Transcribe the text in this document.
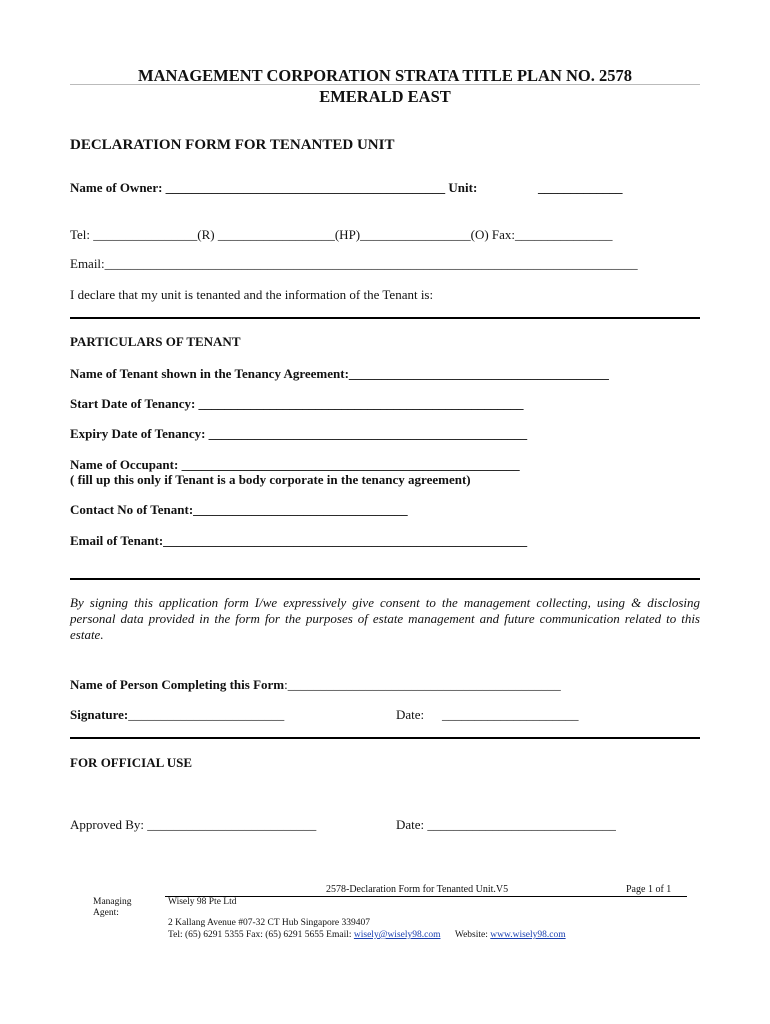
MANAGEMENT CORPORATION STRATA TITLE PLAN NO. 2578
EMERALD EAST
DECLARATION FORM FOR TENANTED UNIT
Name of Owner: ___________________________________________ Unit:	_____________
Tel: ________________(R) __________________(HP)_________________(O) Fax:_______________
Email:__________________________________________________________________________________
I declare that my unit is tenanted and the information of the Tenant is:
PARTICULARS OF TENANT
Name of Tenant shown in the Tenancy Agreement:________________________________________
Start Date of Tenancy: __________________________________________________
Expiry Date of Tenancy: _________________________________________________
Name of Occupant: ____________________________________________________
( fill up this only if Tenant is a body corporate in the tenancy agreement)
Contact No of Tenant:_________________________________
Email of Tenant:________________________________________________________
By signing this application form I/we expressively give consent to the management collecting, using & disclosing personal data provided in the form for the purposes of estate management and future communication related to this estate.
Name of Person Completing this Form:__________________________________________
Signature:________________________	Date: _____________________
FOR OFFICIAL USE
Approved By: __________________________	Date: _____________________________
2578-Declaration Form for Tenanted Unit.V5	Page 1 of 1
Managing
Agent:
Wisely 98 Pte Ltd
2 Kallang Avenue #07-32 CT Hub Singapore 339407
Tel: (65) 6291 5355 Fax: (65) 6291 5655 Email: wisely@wisely98.com Website: www.wisely98.com
